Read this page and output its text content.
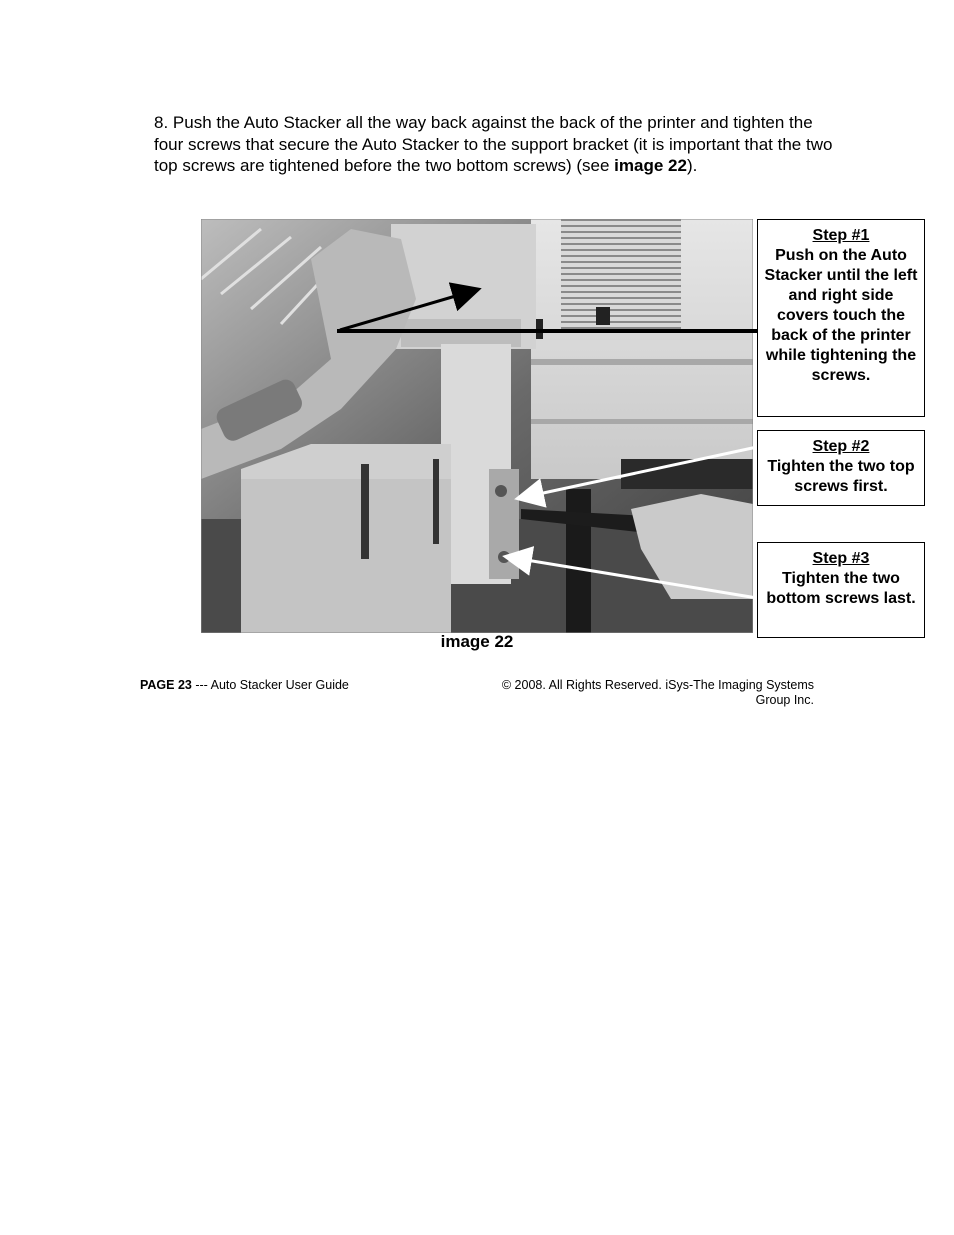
8. Push the Auto Stacker all the way back against the back of the printer and tighten the four screws that secure the Auto Stacker to the support bracket (it is important that the two top screws are tightened before the two bottom screws) (see image 22).

Step #1
Push on the Auto Stacker until the left and right side covers touch the back of the printer while tightening the screws.
Step #2
Tighten the two top screws first.
Step #3
Tighten the two bottom screws last.
image 22
PAGE 23 --- Auto Stacker User Guide	© 2008. All Rights Reserved. iSys-The Imaging Systems
Group Inc.
